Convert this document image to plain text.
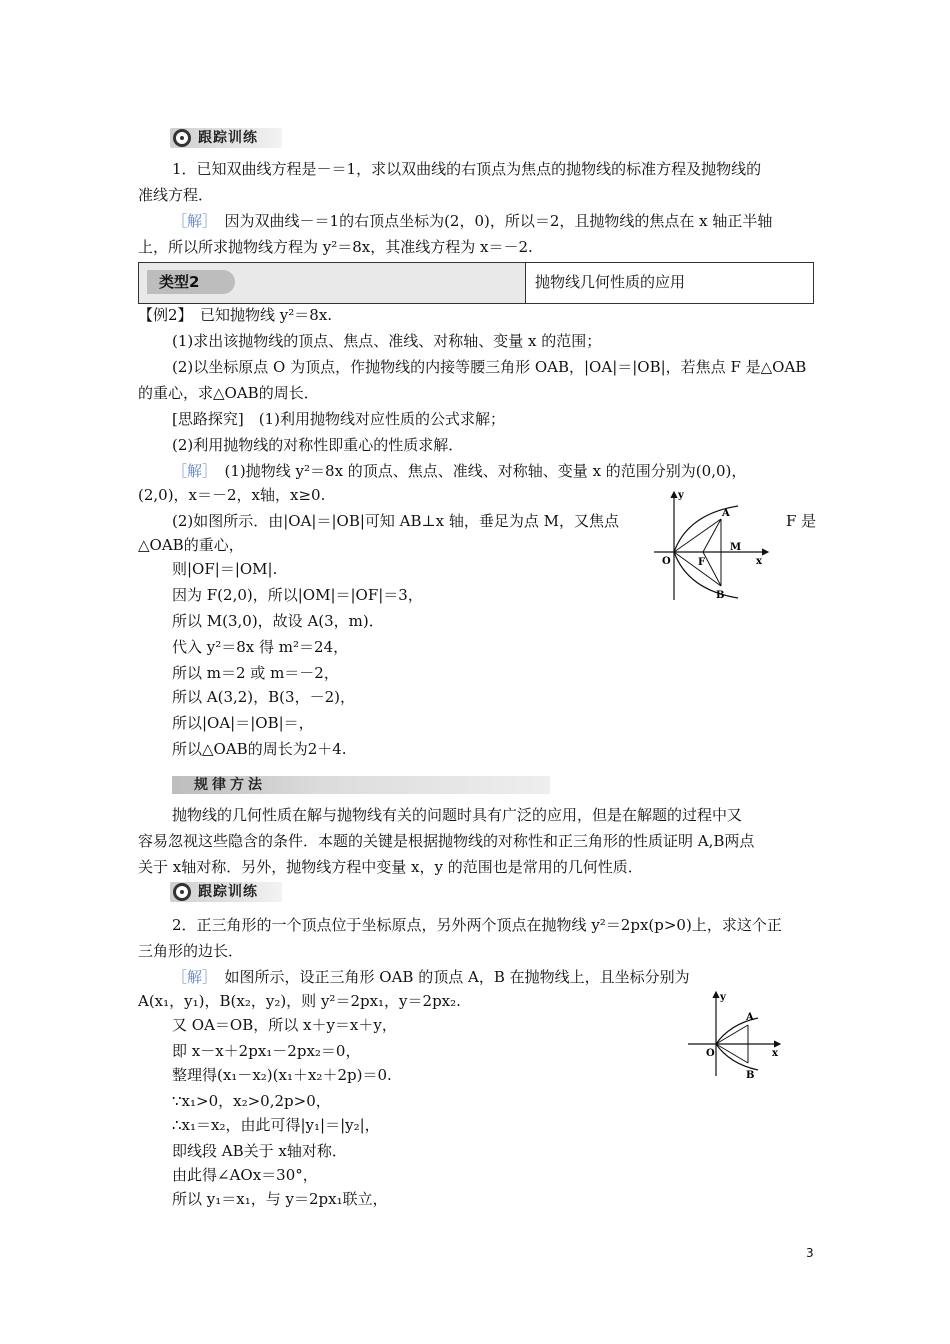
跟踪训练
1．已知双曲线方程是－＝1，求以双曲线的右顶点为焦点的抛物线的标准方程及抛物线的
准线方程．
［解］　 因为双曲线－＝1的右顶点坐标为(2，0)，所以＝2，且抛物线的焦点在 x 轴正半轴
上，所以所求抛物线方程为 y²＝8x，其准线方程为 x＝－2.
类型2	抛物线几何性质的应用
【例2】　已知抛物线 y²＝8x.
(1)求出该抛物线的顶点、焦点、准线、对称轴、变量 x 的范围；
(2)以坐标原点 O 为顶点，作抛物线的内接等腰三角形 OAB，|OA|＝|OB|，若焦点 F 是△OAB
的重心，求△OAB的周长．
[思路探究]　(1)利用抛物线对应性质的公式求解；
(2)利用抛物线的对称性即重心的性质求解．
［解］　 (1)抛物线 y²＝8x 的顶点、焦点、准线、对称轴、变量 x 的范围分别为(0,0)，
(2,0)，x＝－2，x轴，x≥0.
(2)如图所示．由|OA|＝|OB|可知 AB⊥x 轴，垂足为点 M，又焦点	F 是
△OAB的重心，
则|OF|＝|OM|.
因为 F(2,0)，所以|OM|＝|OF|＝3，
所以 M(3,0)，故设 A(3，m)．
代入 y²＝8x 得 m²＝24，
所以 m＝2 或 m＝－2，
所以 A(3,2)，B(3，－2)，
所以|OA|＝|OB|＝，
所以△OAB的周长为2＋4.
y
x
O
A
B
F
M
规律方法
抛物线的几何性质在解与抛物线有关的问题时具有广泛的应用，但是在解题的过程中又
容易忽视这些隐含的条件．本题的关键是根据抛物线的对称性和正三角形的性质证明 A,B两点
关于 x轴对称．另外，抛物线方程中变量 x，y 的范围也是常用的几何性质．
跟踪训练
2．正三角形的一个顶点位于坐标原点，另外两个顶点在抛物线 y²＝2px(p>0)上，求这个正
三角形的边长．
［解］　 如图所示，设正三角形 OAB 的顶点 A，B 在抛物线上，且坐标分别为
A(x₁，y₁)，B(x₂，y₂)，则 y²＝2px₁，y＝2px₂.
又 OA＝OB，所以 x＋y＝x＋y，
即 x－x＋2px₁－2px₂＝0，
整理得(x₁－x₂)(x₁＋x₂＋2p)＝0.
∵x₁>0，x₂>0,2p>0，
∴x₁＝x₂，由此可得|y₁|＝|y₂|，
即线段 AB关于 x轴对称．
由此得∠AOx＝30°，
所以 y₁＝x₁，与 y＝2px₁联立，
y
x
O
A
B
3
